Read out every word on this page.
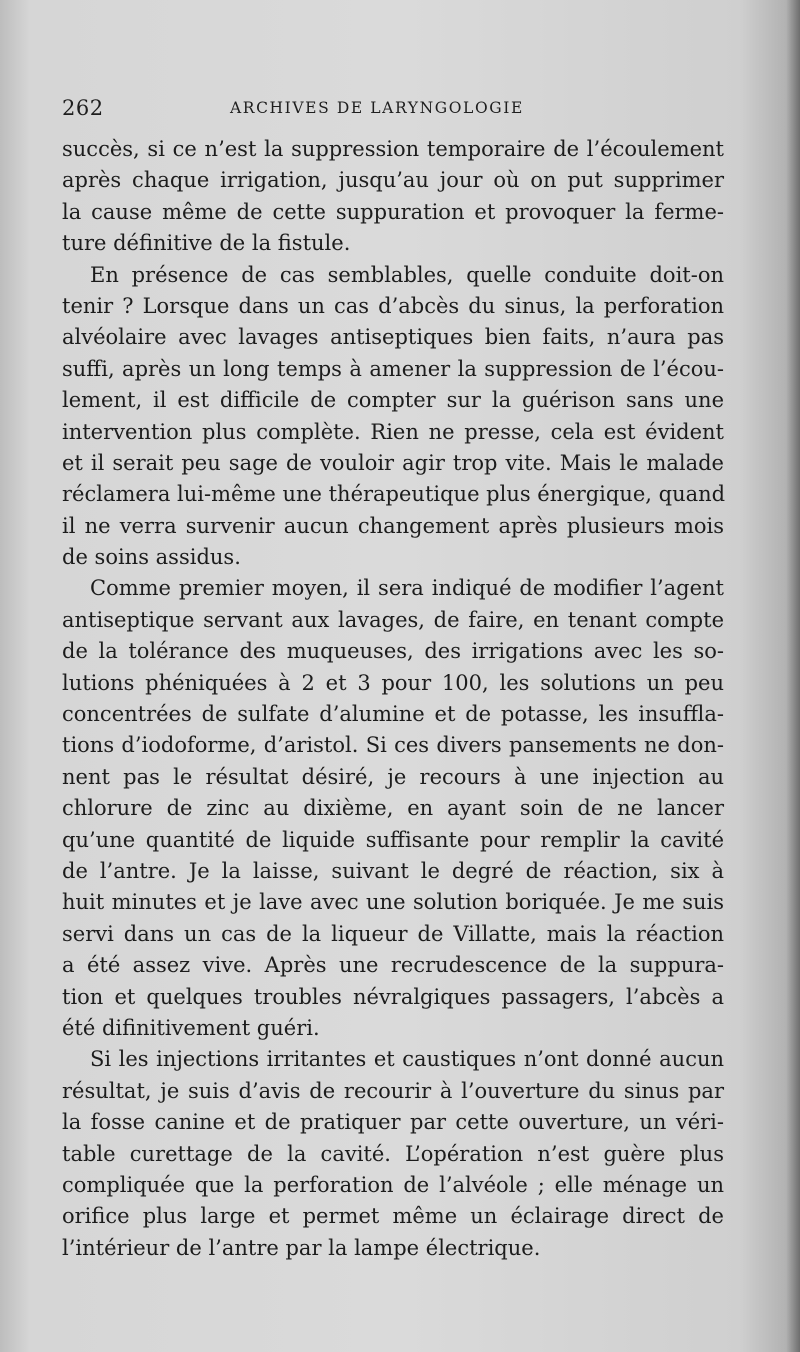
262	ARCHIVES DE LARYNGOLOGIE

succès, si ce n’est la suppression temporaire de l’écoulement
après chaque irrigation, jusqu’au jour où on put supprimer
la cause même de cette suppuration et provoquer la ferme-
ture définitive de la fistule.

En présence de cas semblables, quelle conduite doit-on
tenir ? Lorsque dans un cas d’abcès du sinus, la perforation
alvéolaire avec lavages antiseptiques bien faits, n’aura pas
suffi, après un long temps à amener la suppression de l’écou-
lement, il est difficile de compter sur la guérison sans une
intervention plus complète. Rien ne presse, cela est évident
et il serait peu sage de vouloir agir trop vite. Mais le malade
réclamera lui-même une thérapeutique plus énergique, quand
il ne verra survenir aucun changement après plusieurs mois
de soins assidus.

Comme premier moyen, il sera indiqué de modifier l’agent
antiseptique servant aux lavages, de faire, en tenant compte
de la tolérance des muqueuses, des irrigations avec les so-
lutions phéniquées à 2 et 3 pour 100, les solutions un peu
concentrées de sulfate d’alumine et de potasse, les insuffla-
tions d’iodoforme, d’aristol. Si ces divers pansements ne don-
nent pas le résultat désiré, je recours à une injection au
chlorure de zinc au dixième, en ayant soin de ne lancer
qu’une quantité de liquide suffisante pour remplir la cavité
de l’antre. Je la laisse, suivant le degré de réaction, six à
huit minutes et je lave avec une solution boriquée. Je me suis
servi dans un cas de la liqueur de Villatte, mais la réaction
a été assez vive. Après une recrudescence de la suppura-
tion et quelques troubles névralgiques passagers, l’abcès a
été difinitivement guéri.

Si les injections irritantes et caustiques n’ont donné aucun
résultat, je suis d’avis de recourir à l’ouverture du sinus par
la fosse canine et de pratiquer par cette ouverture, un véri-
table curettage de la cavité. L’opération n’est guère plus
compliquée que la perforation de l’alvéole ; elle ménage un
orifice plus large et permet même un éclairage direct de
l’intérieur de l’antre par la lampe électrique.
